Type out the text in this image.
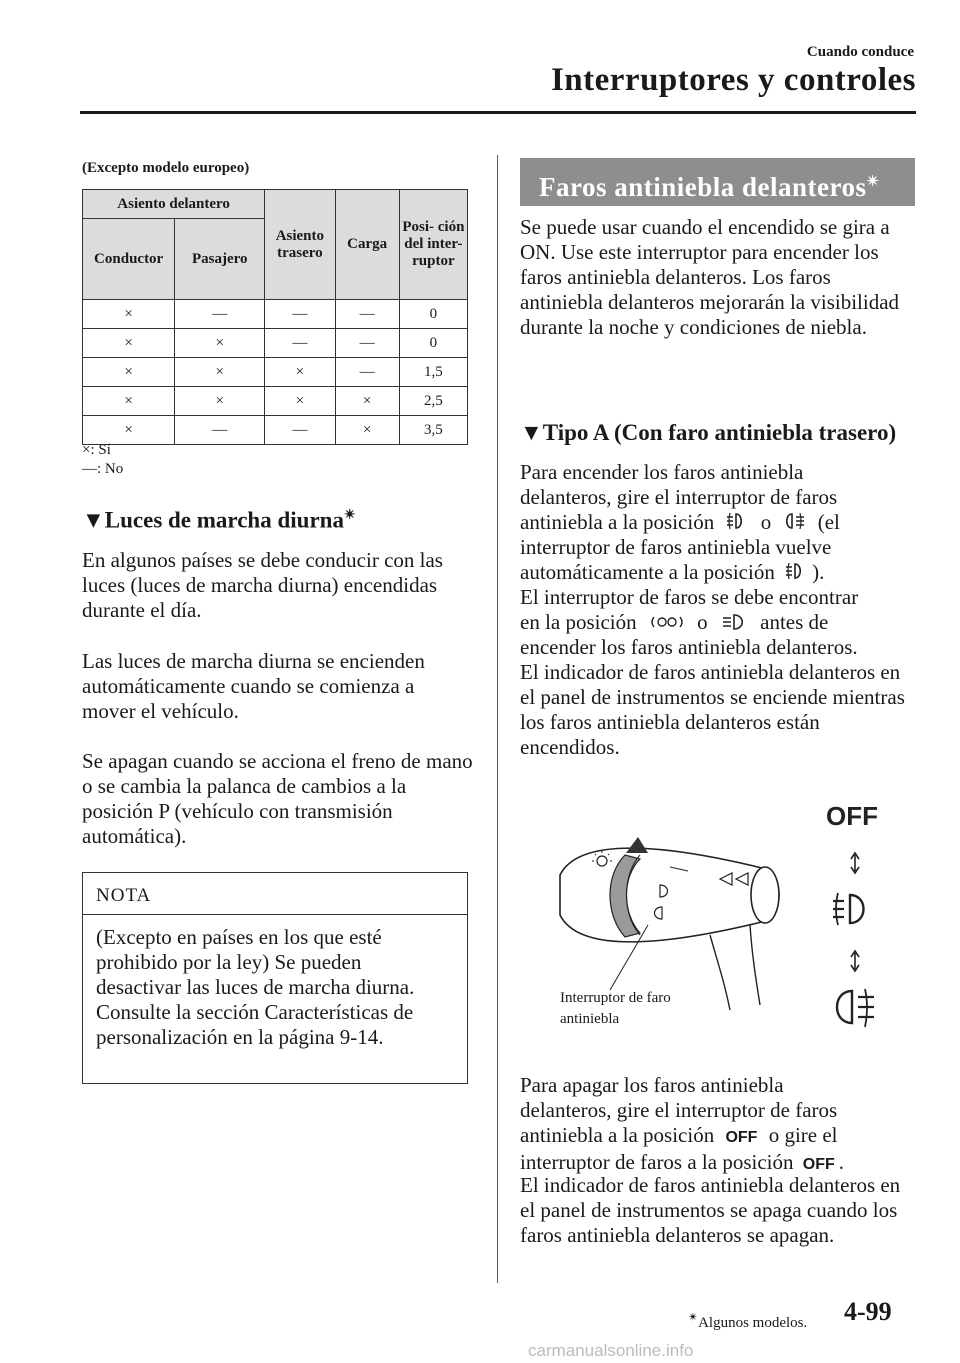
Cuando conduce
Interruptores y controles
(Excepto modelo europeo)
Asiento delantero		Asiento trasero	Carga	Posi- ción del inter- ruptor
Conductor	Pasajero			
×	—	—	—	0
×	×	—	—	0
×	×	×	—	1,5
×	×	×	×	2,5
×	—	—	×	3,5
×: Sí
—: No
▼Luces de marcha diurna✴

En algunos países se debe conducir con las luces (luces de marcha diurna) encendidas durante el día.

Las luces de marcha diurna se encienden automáticamente cuando se comienza a mover el vehículo.

Se apagan cuando se acciona el freno de mano o se cambia la palanca de cambios a la posición P (vehículo con transmisión automática).

NOTA
(Excepto en países en los que esté prohibido por la ley) Se pueden desactivar las luces de marcha diurna. Consulte la sección Características de personalización en la página 9-14.
Faros antiniebla delanteros✴

Se puede usar cuando el encendido se gira a ON. Use este interruptor para encender los faros antiniebla delanteros. Los faros antiniebla delanteros mejorarán la visibilidad durante la noche y condiciones de niebla.

▼Tipo A (Con faro antiniebla trasero)
Para encender los faros antiniebla
delanteros, gire el interruptor de faros
antiniebla a la posición o (el
interruptor de faros antiniebla vuelve
automáticamente a la posición ).
El interruptor de faros se debe encontrar
en la posición	o	antes de
encender los faros antiniebla delanteros.

El indicador de faros antiniebla delanteros en el panel de instrumentos se enciende mientras los faros antiniebla delanteros están encendidos.

OFF
Interruptor de faro antiniebla
Para apagar los faros antiniebla
delanteros, gire el interruptor de faros
antiniebla a la posición OFF o gire el
interruptor de faros a la posición OFF .

El indicador de faros antiniebla delanteros en el panel de instrumentos se apaga cuando los faros antiniebla delanteros se apagan.

✴Algunos modelos. 4-99
carmanualsonline.info
